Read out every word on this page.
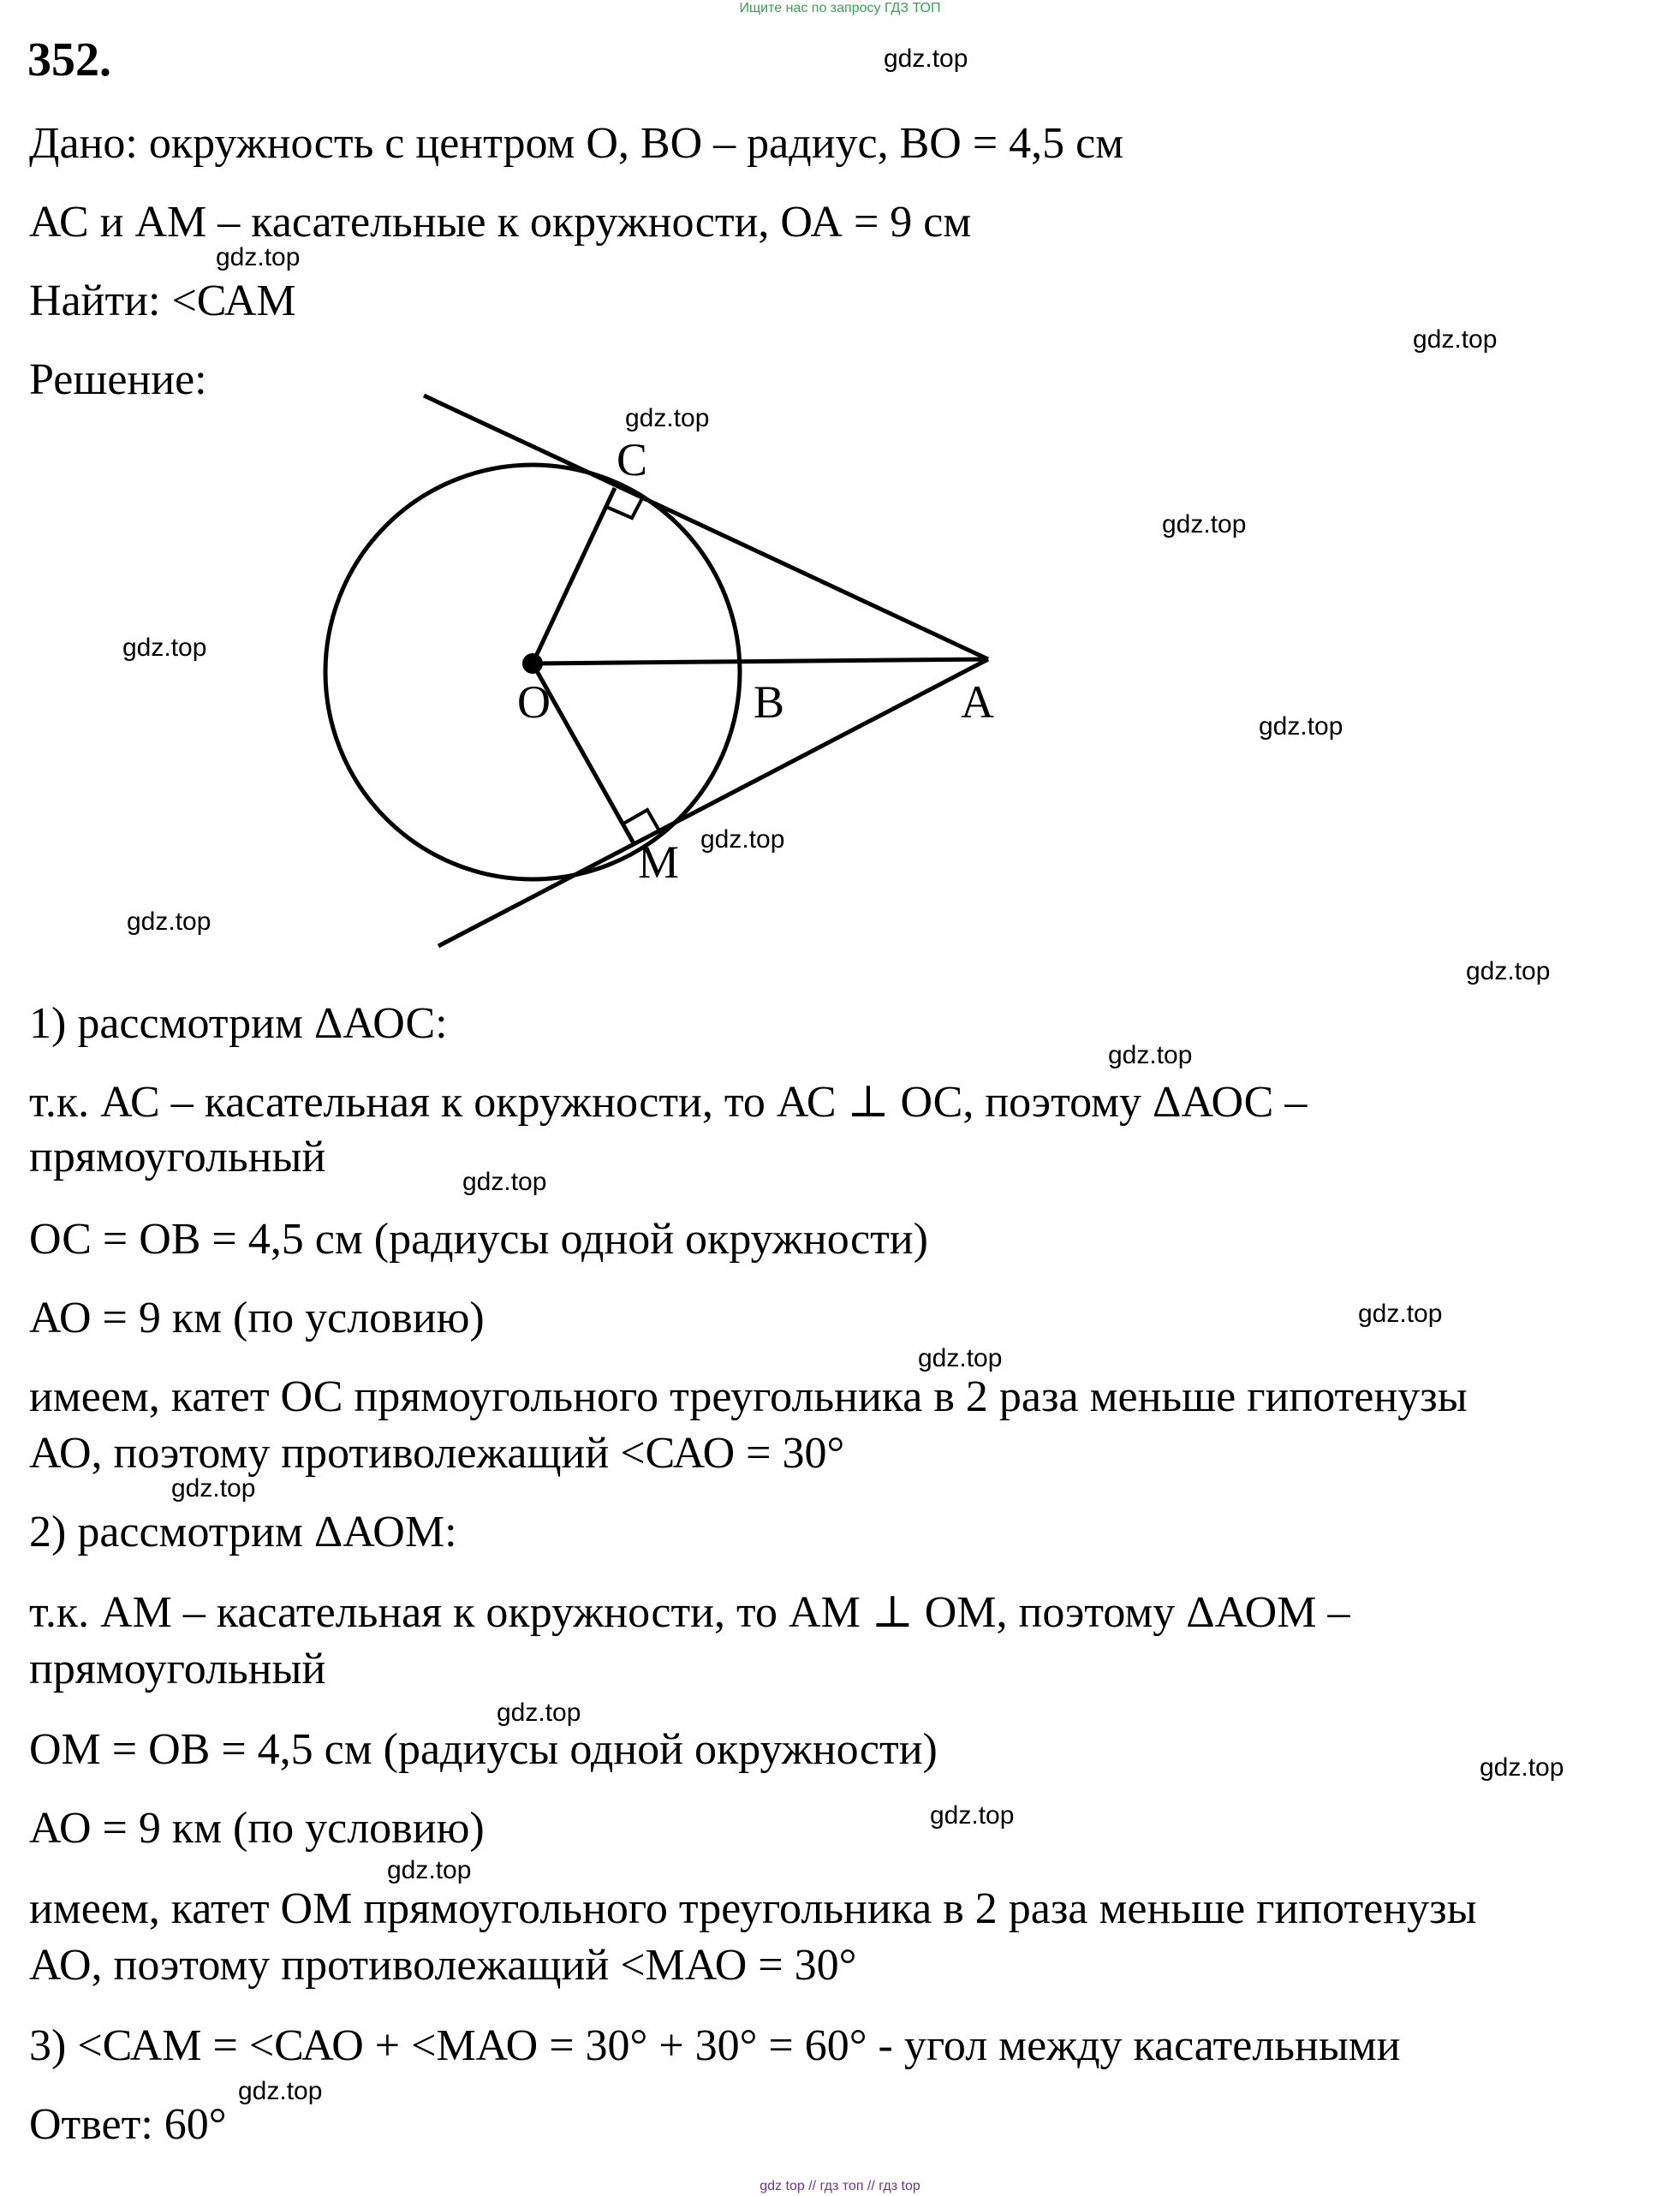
Ищите нас по запросу ГДЗ ТОП
352.
Дано: окружность с центром О, ВО – радиус, ВО = 4,5 см
АС и АМ – касательные к окружности, ОА = 9 см
Найти: <САМ
Решение:
C
O	B	A
M
1) рассмотрим ΔАОС:
т.к. АС – касательная к окружности, то АС ⊥ ОС, поэтому ΔАОС –
прямоугольный
ОС = ОВ = 4,5 см (радиусы одной окружности)
АО = 9 км (по условию)
имеем, катет ОС прямоугольного треугольника в 2 раза меньше гипотенузы
АО, поэтому противолежащий <САО = 30°
2) рассмотрим ΔАОМ:
т.к. АМ – касательная к окружности, то АМ ⊥ ОМ, поэтому ΔАОМ –
прямоугольный
ОМ = ОВ = 4,5 см (радиусы одной окружности)
АО = 9 км (по условию)
имеем, катет ОМ прямоугольного треугольника в 2 раза меньше гипотенузы
АО, поэтому противолежащий <МАО = 30°
3) <САМ = <САО + <МАО = 30° + 30° = 60° - угол между касательными
Ответ: 60°
gdz.top
gdz.top
gdz.top
gdz.top
gdz.top
gdz.top
gdz.top
gdz.top
gdz.top
gdz.top
gdz.top
gdz.top
gdz.top
gdz.top
gdz.top
gdz.top
gdz.top
gdz.top
gdz.top
gdz.top
gdz top // гдз топ // гдз top
